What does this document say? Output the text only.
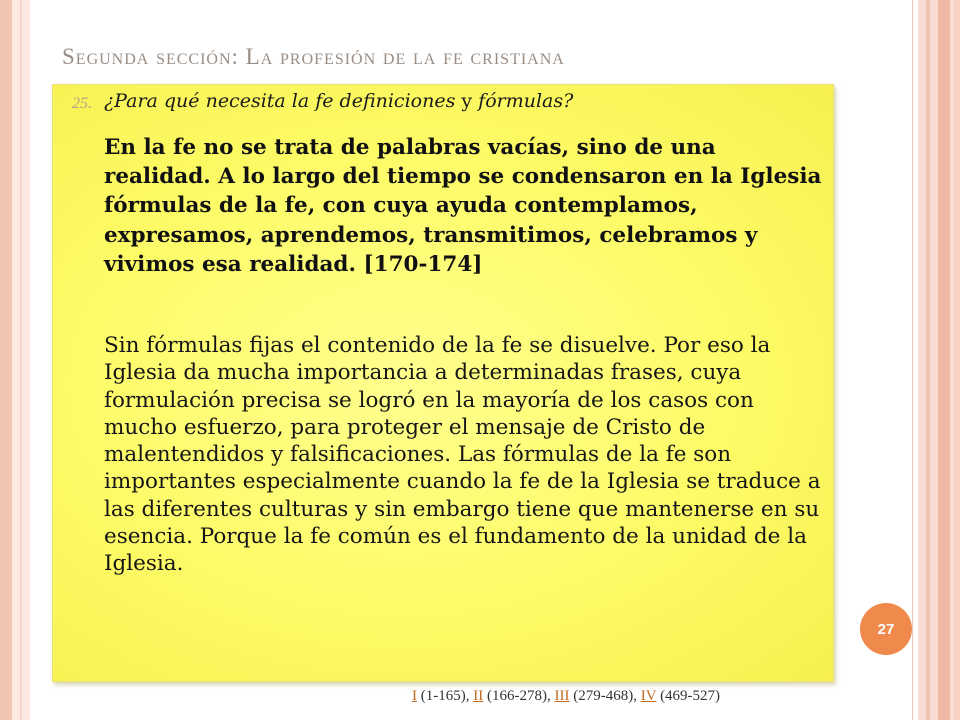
Segunda sección: La profesión de la fe cristiana
25. ¿Para qué necesita la fe definiciones y fórmulas?
En la fe no se trata de palabras vacías, sino de una realidad. A lo largo del tiempo se condensaron en la Iglesia fórmulas de la fe, con cuya ayuda contemplamos, expresamos, aprendemos, transmitimos, celebramos y vivimos esa realidad. [170-174]
Sin fórmulas fijas el contenido de la fe se disuelve. Por eso la Iglesia da mucha importancia a determinadas frases, cuya formulación precisa se logró en la mayoría de los casos con mucho esfuerzo, para proteger el mensaje de Cristo de malentendidos y falsificaciones. Las fórmulas de la fe son importantes especialmente cuando la fe de la Iglesia se traduce a las diferentes culturas y sin embargo tiene que mantenerse en su esencia. Porque la fe común es el fundamento de la unidad de la Iglesia.
27
I (1-165), II (166-278), III (279-468), IV (469-527)
